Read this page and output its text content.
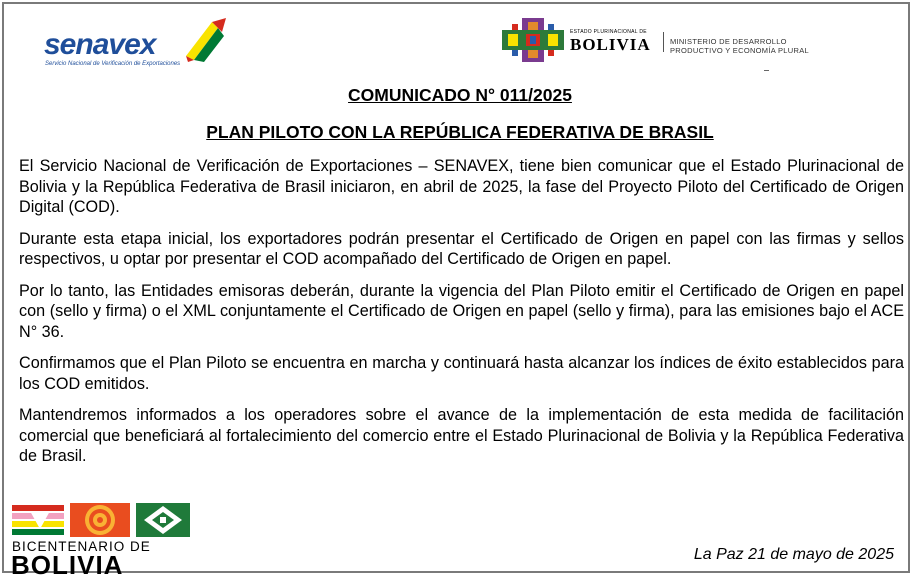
senavex
Servicio Nacional de Verificación de Exportaciones
ESTADO PLURINACIONAL DE
BOLIVIA	MINISTERIO DE DESARROLLO
PRODUCTIVO Y ECONOMÍA PLURAL
COMUNICADO N° 011/2025
PLAN PILOTO CON LA REPÚBLICA FEDERATIVA DE BRASIL

El Servicio Nacional de Verificación de Exportaciones – SENAVEX, tiene bien comunicar que el Estado Plurinacional de Bolivia y la República Federativa de Brasil iniciaron, en abril de 2025, la fase del Proyecto Piloto del Certificado de Origen Digital (COD).

Durante esta etapa inicial, los exportadores podrán presentar el Certificado de Origen en papel con las firmas y sellos respectivos, u optar por presentar el COD acompañado del Certificado de Origen en papel.

Por lo tanto, las Entidades emisoras deberán, durante la vigencia del Plan Piloto emitir el Certificado de Origen en papel con (sello y firma) o el XML conjuntamente el Certificado de Origen en papel (sello y firma), para las emisiones bajo el ACE N° 36.

Confirmamos que el Plan Piloto se encuentra en marcha y continuará hasta alcanzar los índices de éxito establecidos para los COD emitidos.

Mantendremos informados a los operadores sobre el avance de la implementación de esta medida de facilitación comercial que beneficiará al fortalecimiento del comercio entre el Estado Plurinacional de Bolivia y la República Federativa de Brasil.

BICENTENARIO DE
BOLIVIA	La Paz 21 de mayo de 2025
